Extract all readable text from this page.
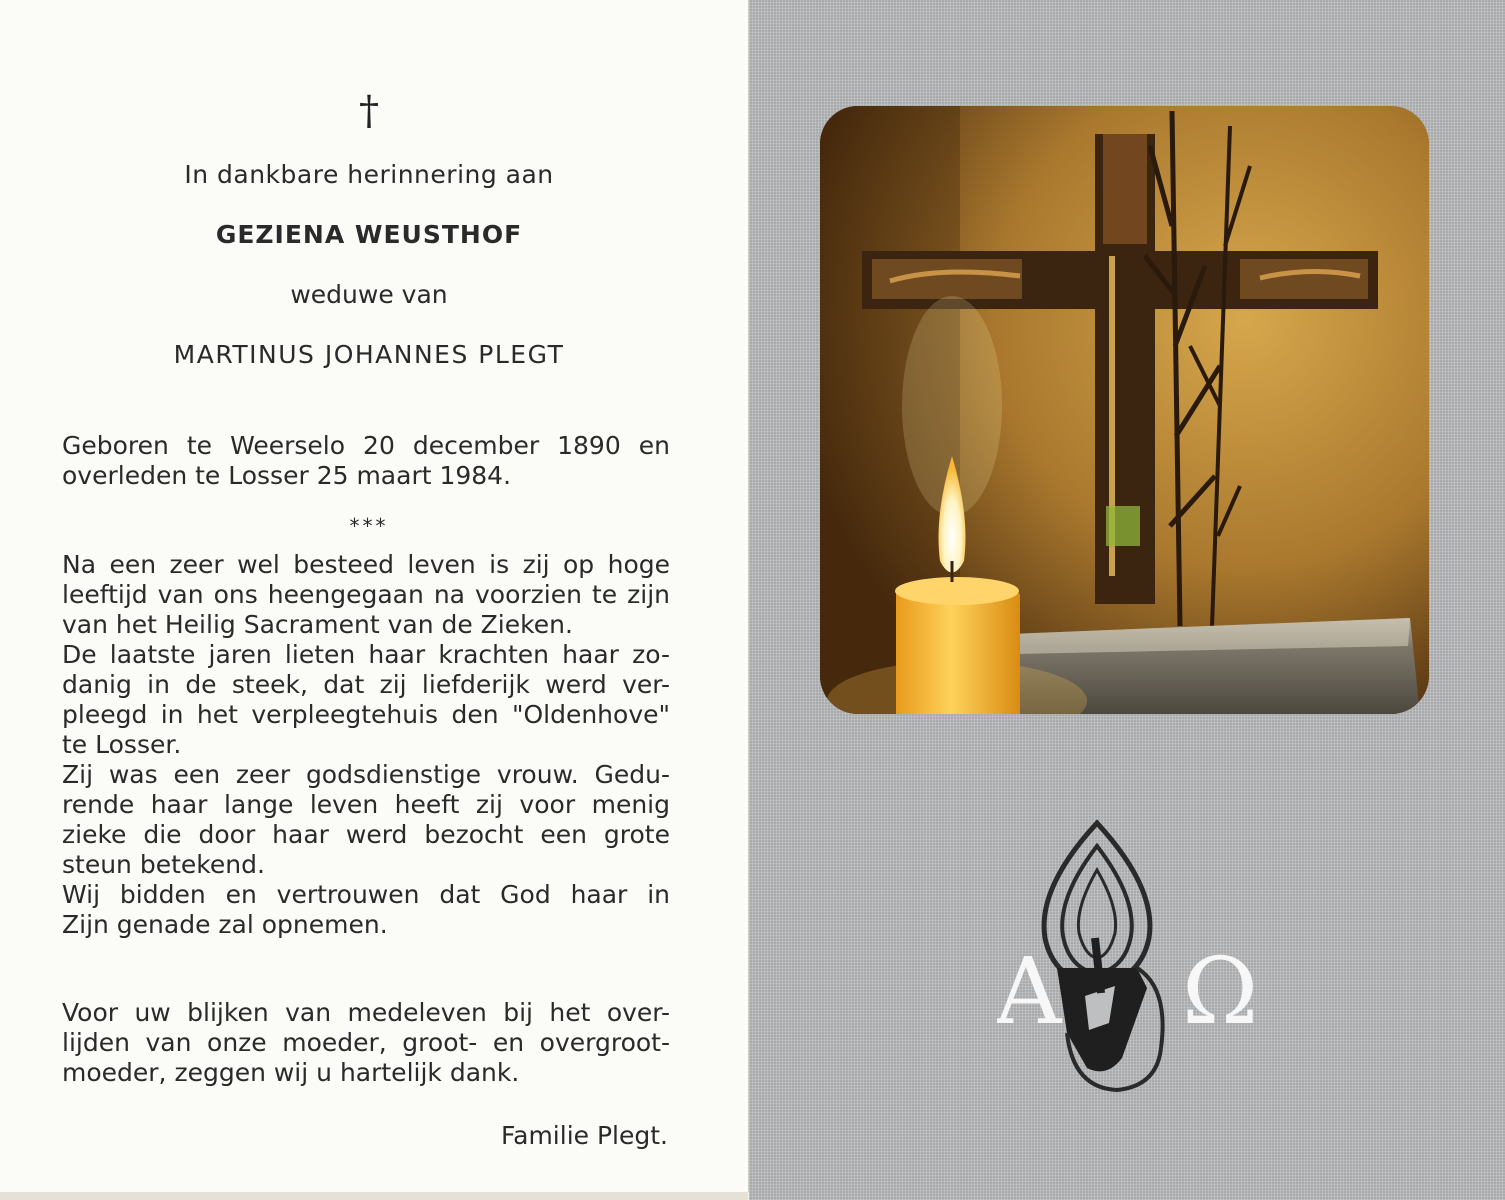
†
In dankbare herinnering aan
GEZIENA WEUSTHOF
weduwe van
MARTINUS JOHANNES PLEGT
Geboren te Weerselo 20 december 1890 en
overleden te Losser 25 maart 1984.
***
Na een zeer wel besteed leven is zij op hoge
leeftijd van ons heengegaan na voorzien te zijn
van het Heilig Sacrament van de Zieken.
De laatste jaren lieten haar krachten haar zo-
danig in de steek, dat zij liefderijk werd ver-
pleegd in het verpleegtehuis den "Oldenhove"
te Losser.
Zij was een zeer godsdienstige vrouw. Gedu-
rende haar lange leven heeft zij voor menig
zieke die door haar werd bezocht een grote
steun betekend.
Wij bidden en vertrouwen dat God haar in
Zijn genade zal opnemen.
Voor uw blijken van medeleven bij het over-
lijden van onze moeder, groot- en overgroot-
moeder, zeggen wij u hartelijk dank.
Familie Plegt.
A Ω
